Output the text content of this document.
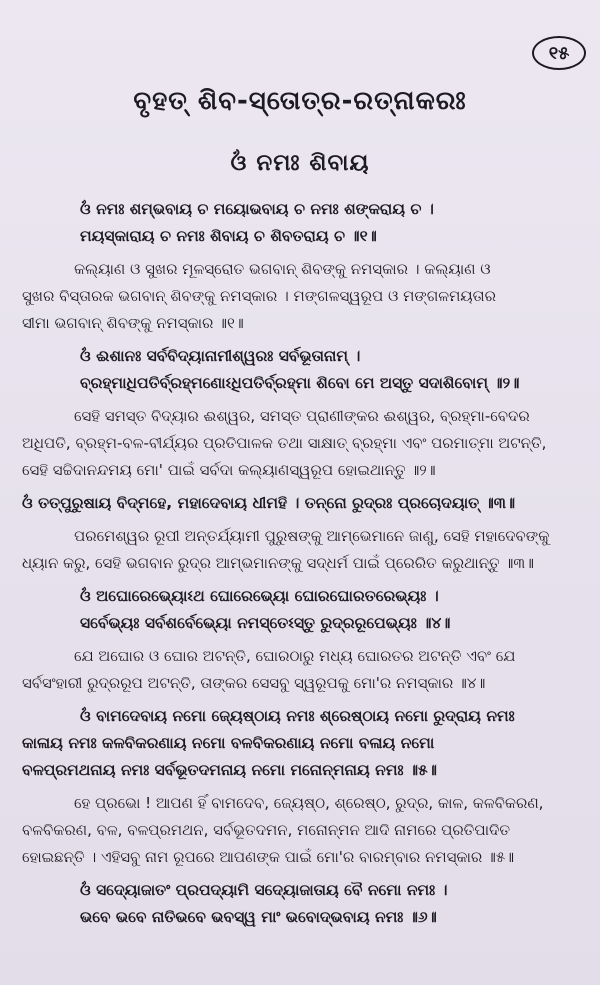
୧୫
ବୃହତ୍ ଶିବ-ସ୍ତୋତ୍ର-ରତ୍ନାକରଃ
ଓଁ ନମଃ ଶିବାୟ
ଓଁ ନମଃ ଶମ୍ଭବାୟ ଚ ମୟୋଭବାୟ ଚ ନମଃ ଶଙ୍କରାୟ ଚ ।
ମୟସ୍କାରାୟ ଚ ନମଃ ଶିବାୟ ଚ ଶିବତରାୟ ଚ ॥୧॥
କଲ୍ୟାଣ ଓ ସୁଖର ମୂଳସ୍ରୋତ ଭଗବାନ୍ ଶିବଙ୍କୁ ନମସ୍କାର । କଲ୍ୟାଣ ଓ
ସୁଖର ବିସ୍ତାରକ ଭଗବାନ୍ ଶିବଙ୍କୁ ନମସ୍କାର । ମଙ୍ଗଳସ୍ୱରୂପ ଓ ମଙ୍ଗଳମୟତାର
ସୀମା ଭଗବାନ୍ ଶିବଙ୍କୁ ନମସ୍କାର ॥୧॥
ଓଁ ଈଶାନଃ ସର୍ବବିଦ୍ୟାନାମୀଶ୍ୱରଃ ସର୍ବଭୂତାନାମ୍ ।
ବ୍ରହ୍ମାଧିପତିର୍ବ୍ରହ୍ମଣୋଽଧିପତିର୍ବ୍ରହ୍ମା ଶିବୋ ମେ ଅସ୍ତୁ ସଦାଶିବୋମ୍ ॥୨॥
ସେହି ସମସ୍ତ ବିଦ୍ୟାର ଈଶ୍ୱର, ସମସ୍ତ ପ୍ରାଣୀଙ୍କର ଈଶ୍ୱର, ବ୍ରହ୍ମା-ବେଦର
ଅଧିପତି, ବ୍ରହ୍ମ-ବଳ-ବୀର୍ଯ୍ୟର ପ୍ରତିପାଳକ ତଥା ସାକ୍ଷାତ୍ ବ୍ରହ୍ମା ଏବଂ ପରମାତ୍ମା ଅଟନ୍ତି,
ସେହି ସଚ୍ଚିଦାନନ୍ଦମୟ ମୋ' ପାଇଁ ସର୍ବଦା କଲ୍ୟାଣସ୍ୱରୂପ ହୋଇଥାନ୍ତୁ ॥୨॥
ଓଁ ତତ୍ପୁରୁଷାୟ ବିଦ୍ମହେ, ମହାଦେବାୟ ଧୀମହି । ତନ୍ନୋ ରୁଦ୍ରଃ ପ୍ରଚୋଦୟାତ୍ ॥୩॥
ପରମେଶ୍ୱର ରୂପୀ ଅନ୍ତର୍ଯ୍ୟାମୀ ପୁରୁଷଙ୍କୁ ଆମ୍ଭେମାନେ ଜାଣୁ, ସେହି ମହାଦେବଙ୍କୁ
ଧ୍ୟାନ କରୁ, ସେହି ଭଗବାନ ରୁଦ୍ର ଆମ୍ଭମାନଙ୍କୁ ସଦ୍ଧର୍ମ ପାଇଁ ପ୍ରେରିତ କରୁଥାନ୍ତୁ ॥୩॥
ଓଁ ଅଘୋରେଭ୍ୟୋଽଥ ଘୋରେଭ୍ୟୋ ଘୋରଘୋରତରେଭ୍ୟଃ ।
ସର୍ବେଭ୍ୟଃ ସର୍ବଶର୍ବେଭ୍ୟୋ ନମସ୍ତେଽସ୍ତୁ ରୁଦ୍ରରୂପେଭ୍ୟଃ ॥୪॥
ଯେ ଅଘୋର ଓ ଘୋର ଅଟନ୍ତି, ଘୋରଠାରୁ ମଧ୍ୟ ଘୋରତର ଅଟନ୍ତି ଏବଂ ଯେ
ସର୍ବସଂହାରୀ ରୁଦ୍ରରୂପ ଅଟନ୍ତି, ତାଙ୍କର ସେସବୁ ସ୍ୱରୂପକୁ ମୋ'ର ନମସ୍କାର ॥୪॥
ଓଁ ବାମଦେବାୟ ନମୋ ଜ୍ୟେଷ୍ଠାୟ ନମଃ ଶ୍ରେଷ୍ଠାୟ ନମୋ ରୁଦ୍ରାୟ ନମଃ
କାଳାୟ ନମଃ କଳବିକରଣାୟ ନମୋ ବଳବିକରଣାୟ ନମୋ ବଳାୟ ନମୋ
ବଳପ୍ରମଥନାୟ ନମଃ ସର୍ବଭୂତଦମନାୟ ନମୋ ମନୋନ୍ମନାୟ ନମଃ ॥୫॥
ହେ ପ୍ରଭୋ ! ଆପଣ ହିଁ ବାମଦେବ, ଜ୍ୟେଷ୍ଠ, ଶ୍ରେଷ୍ଠ, ରୁଦ୍ର, କାଳ, କଳବିକରଣ,
ବଳବିକରଣ, ବଳ, ବଳପ୍ରମଥନ, ସର୍ବଭୂତଦମନ, ମନୋନ୍ମନ ଆଦି ନାମରେ ପ୍ରତିପାଦିତ
ହୋଇଛନ୍ତି । ଏହିସବୁ ନାମ ରୂପରେ ଆପଣଙ୍କ ପାଇଁ ମୋ'ର ବାରମ୍ବାର ନମସ୍କାର ॥୫॥
ଓଁ ସଦ୍ୟୋଜାତଂ ପ୍ରପଦ୍ୟାମି ସଦ୍ୟୋଜାତାୟ ବୈ ନମୋ ନମଃ ।
ଭବେ ଭବେ ନାତିଭବେ ଭବସ୍ୱ ମାଂ ଭବୋଦ୍ଭବାୟ ନମଃ ॥୬॥
